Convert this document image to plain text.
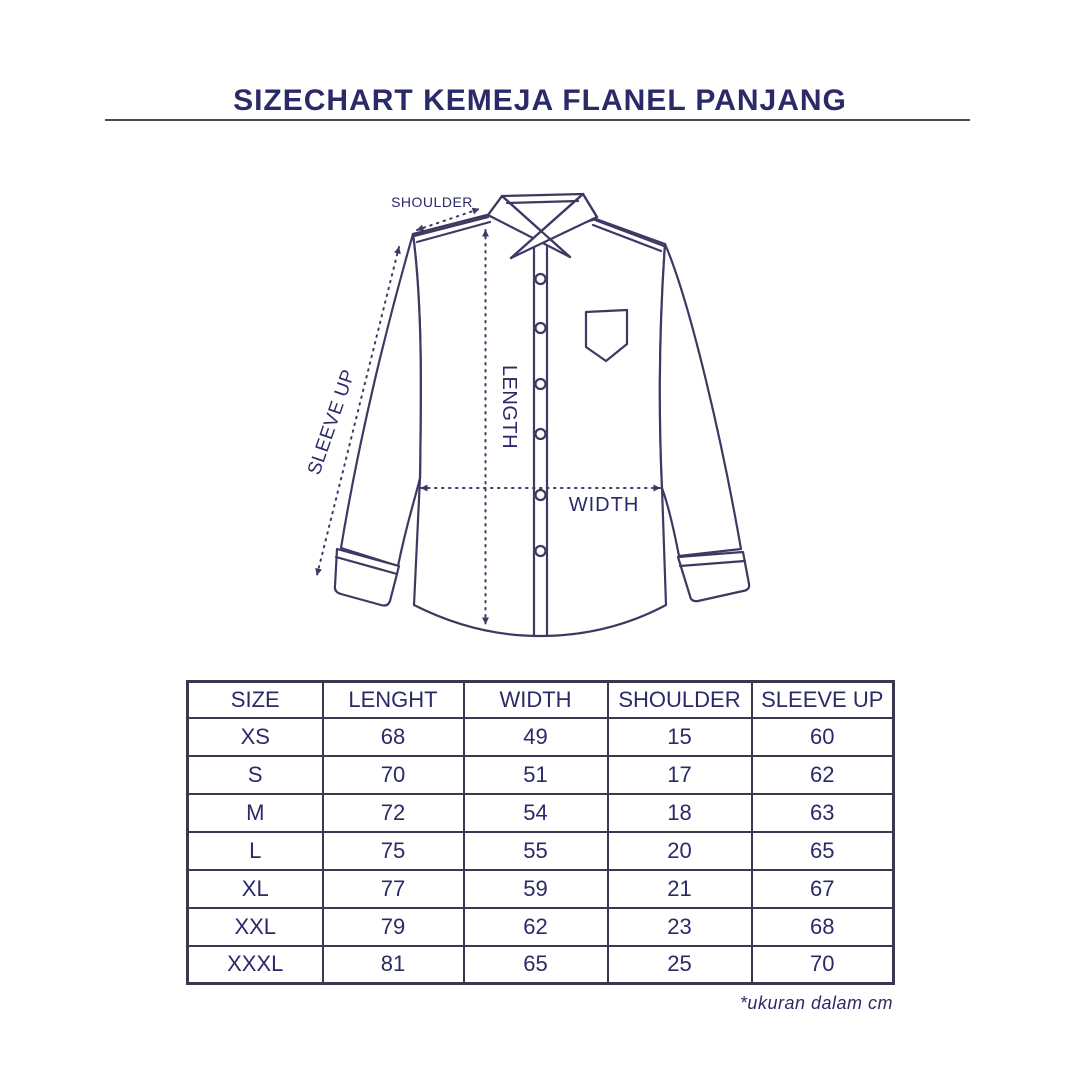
SIZECHART KEMEJA FLANEL PANJANG
SHOULDER
SLEEVE UP	LENGTH
WIDTH
SIZE	LENGHT	WIDTH	SHOULDER	SLEEVE UP
XS	68	49	15	60
S	70	51	17	62
M	72	54	18	63
L	75	55	20	65
XL	77	59	21	67
XXL	79	62	23	68
XXXL	81	65	25	70
*ukuran dalam cm
